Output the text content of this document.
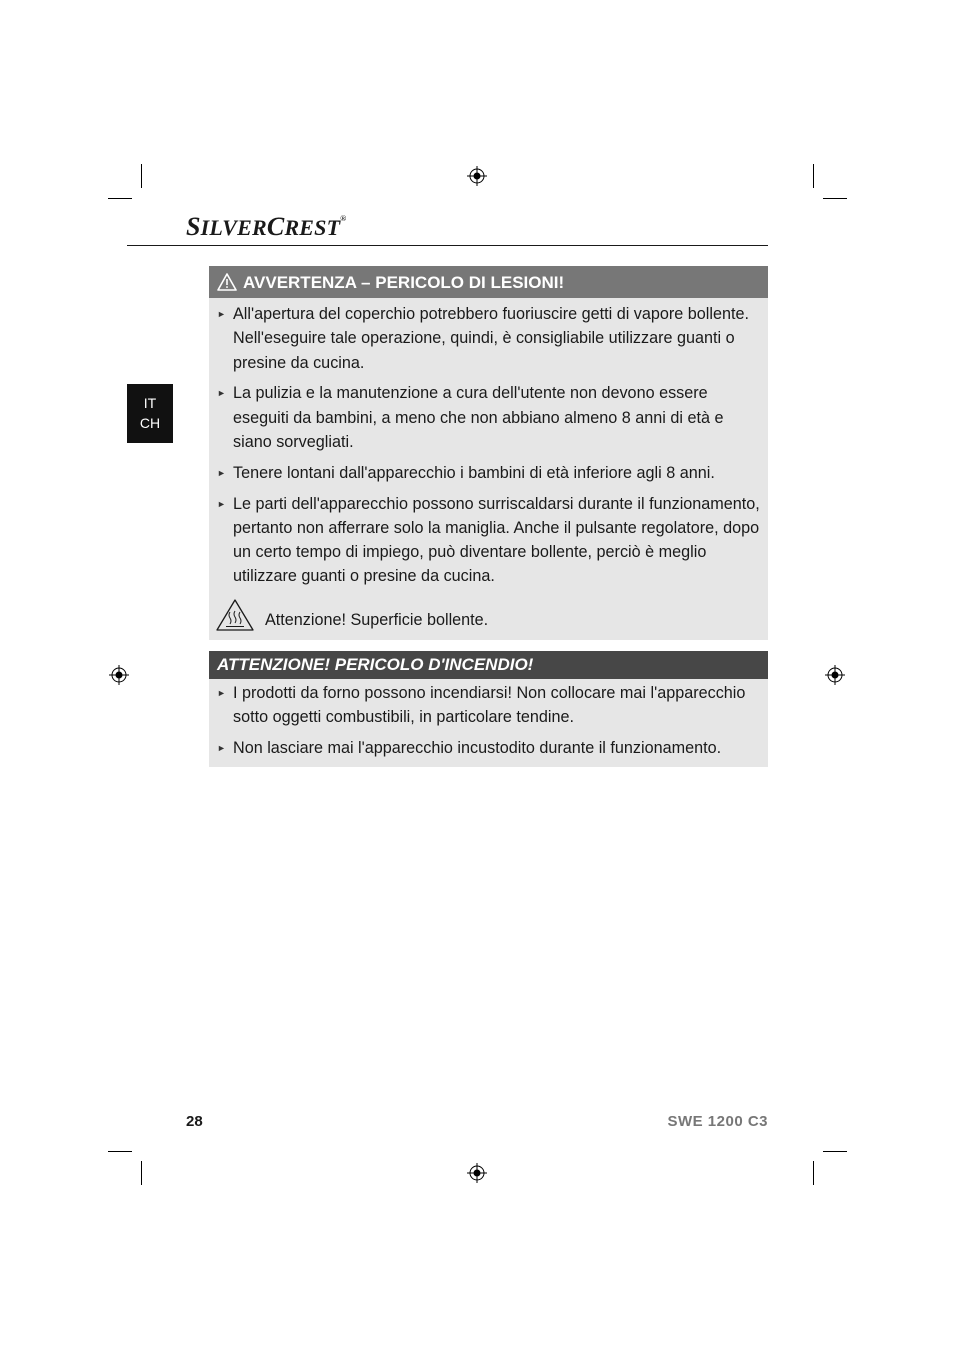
SILVERCREST®
IT
CH
AVVERTENZA – PERICOLO DI LESIONI!
► All'apertura del coperchio potrebbero fuoriuscire getti di vapore bollente. Nell'eseguire tale operazione, quindi, è consigliabile utilizzare guanti o presine da cucina.
► La pulizia e la manutenzione a cura dell'utente non devono essere eseguiti da bambini, a meno che non abbiano almeno 8 anni di età e siano sorvegliati.
► Tenere lontani dall'apparecchio i bambini di età inferiore agli 8 anni.
► Le parti dell'apparecchio possono surriscaldarsi durante il funzionamento, pertanto non afferrare solo la maniglia. Anche il pulsante regolatore, dopo un certo tempo di impiego, può diventare bollente, perciò è meglio utilizzare guanti o presine da cucina.
Attenzione! Superficie bollente.
ATTENZIONE! PERICOLO D'INCENDIO!
► I prodotti da forno possono incendiarsi! Non collocare mai l'apparecchio sotto oggetti combustibili, in particolare tendine.
► Non lasciare mai l'apparecchio incustodito durante il funzionamento.
28	SWE 1200 C3
